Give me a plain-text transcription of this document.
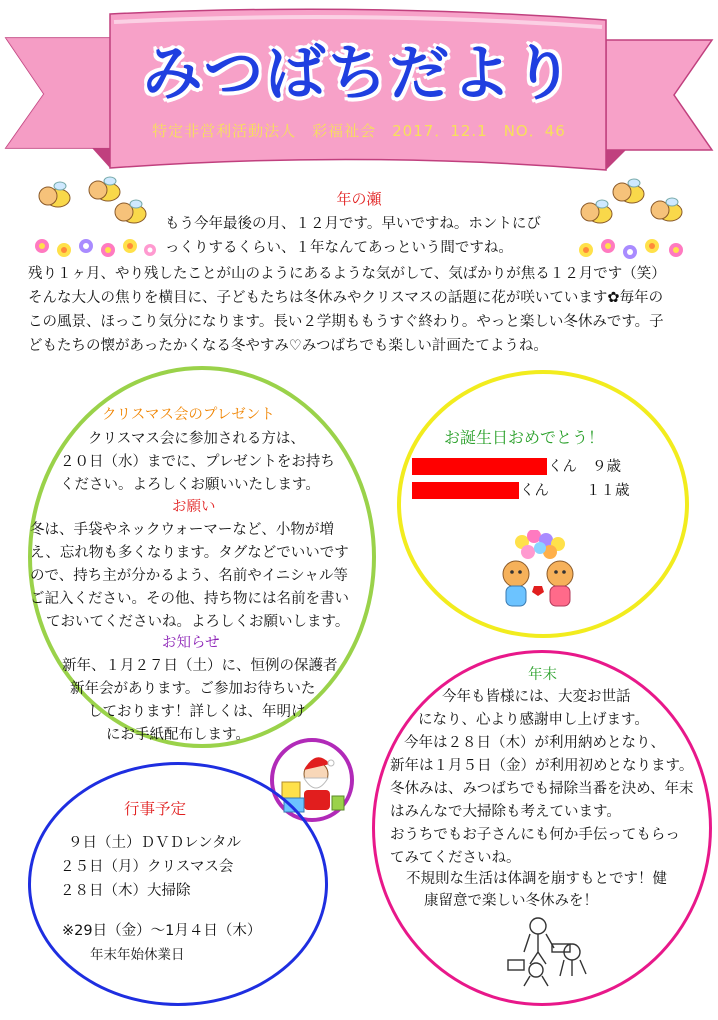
みつばちだより
特定非営利活動法人　彩福祉会　2017．12.1　NO．46
年の瀬
もう今年最後の月、１２月です。早いですね。ホントにび
っくりするくらい、１年なんてあっという間ですね。
残り１ヶ月、やり残したことが山のようにあるような気がして、気ばかりが焦る１２月です（笑）
そんな大人の焦りを横目に、子どもたちは冬休みやクリスマスの話題に花が咲いています✿毎年の
この風景、ほっこり気分になります。長い２学期ももうすぐ終わり。やっと楽しい冬休みです。子
どもたちの懐があったかくなる冬やすみ♡みつばちでも楽しい計画たてようね。
クリスマス会のプレゼント
クリスマス会に参加される方は、
２０日（水）までに、プレゼントをお持ち
ください。よろしくお願いいたします。
お願い
冬は、手袋やネックウォーマーなど、小物が増
え、忘れ物も多くなります。タグなどでいいです
ので、持ち主が分かるよう、名前やイニシャル等
ご記入ください。その他、持ち物には名前を書い
ておいてくださいね。よろしくお願いします。
お知らせ
新年、１月２７日（土）に、恒例の保護者
新年会があります。ご参加お待ちいた
しております！詳しくは、年明け
にお手紙配布します。
お誕生日おめでとう！
くん ９歳
くん	１１歳
年末
今年も皆様には、大変お世話
になり、心より感謝申し上げます。
今年は２８日（木）が利用納めとなり、
新年は１月５日（金）が利用初めとなります。
冬休みは、みつばちでも掃除当番を決め、年末
はみんなで大掃除も考えています。
おうちでもお子さんにも何か手伝ってもらっ
てみてくださいね。
不規則な生活は体調を崩すもとです！健
康留意で楽しい冬休みを！
行事予定
９日（土）ＤＶＤレンタル
２５日（月）クリスマス会
２８日（木）大掃除
※29日（金）～1月４日（木）
年末年始休業日
